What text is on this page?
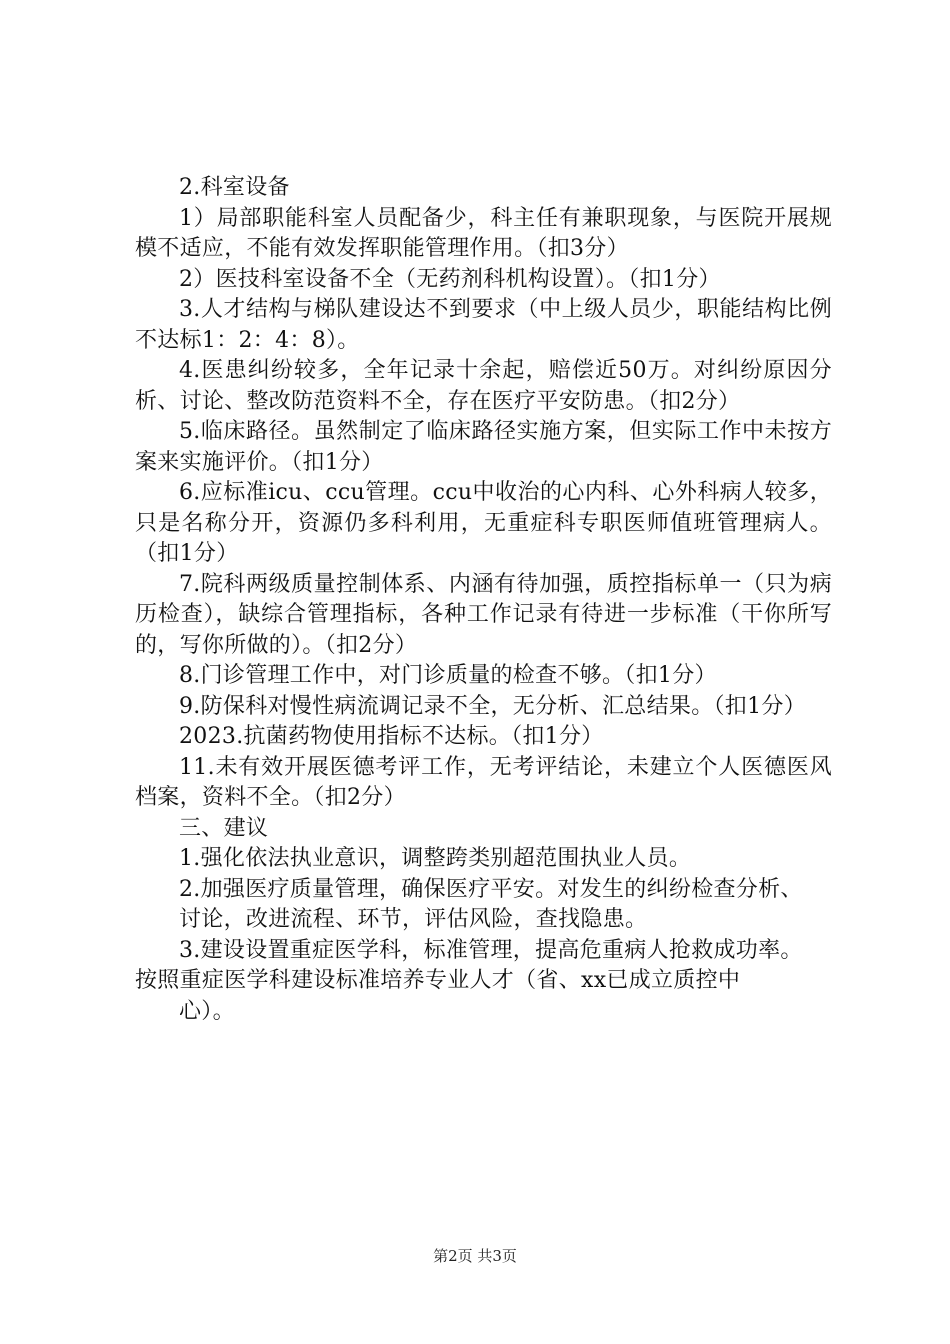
2.科室设备

1）局部职能科室人员配备少，科主任有兼职现象，与医院开展规模不适应，不能有效发挥职能管理作用。（扣3分）

2）医技科室设备不全（无药剂科机构设置）。（扣1分）

3.人才结构与梯队建设达不到要求（中上级人员少，职能结构比例不达标1：2：4：8）。

4.医患纠纷较多，全年记录十余起，赔偿近50万。对纠纷原因分析、讨论、整改防范资料不全，存在医疗平安防患。（扣2分）

5.临床路径。虽然制定了临床路径实施方案，但实际工作中未按方案来实施评价。（扣1分）

6.应标准icu、ccu管理。ccu中收治的心内科、心外科病人较多，只是名称分开，资源仍多科利用，无重症科专职医师值班管理病人。（扣1分）

7.院科两级质量控制体系、内涵有待加强，质控指标单一（只为病历检查），缺综合管理指标，各种工作记录有待进一步标准（干你所写的，写你所做的）。（扣2分）

8.门诊管理工作中，对门诊质量的检查不够。（扣1分）

9.防保科对慢性病流调记录不全，无分析、汇总结果。（扣1分）

2023.抗菌药物使用指标不达标。（扣1分）

11.未有效开展医德考评工作，无考评结论，未建立个人医德医风档案，资料不全。（扣2分）

三、建议

1.强化依法执业意识，调整跨类别超范围执业人员。

2.加强医疗质量管理，确保医疗平安。对发生的纠纷检查分析、

讨论，改进流程、环节，评估风险，查找隐患。

3.建设设置重症医学科，标准管理，提高危重病人抢救成功率。

按照重症医学科建设标准培养专业人才（省、xx已成立质控中

心）。

第2页 共3页
